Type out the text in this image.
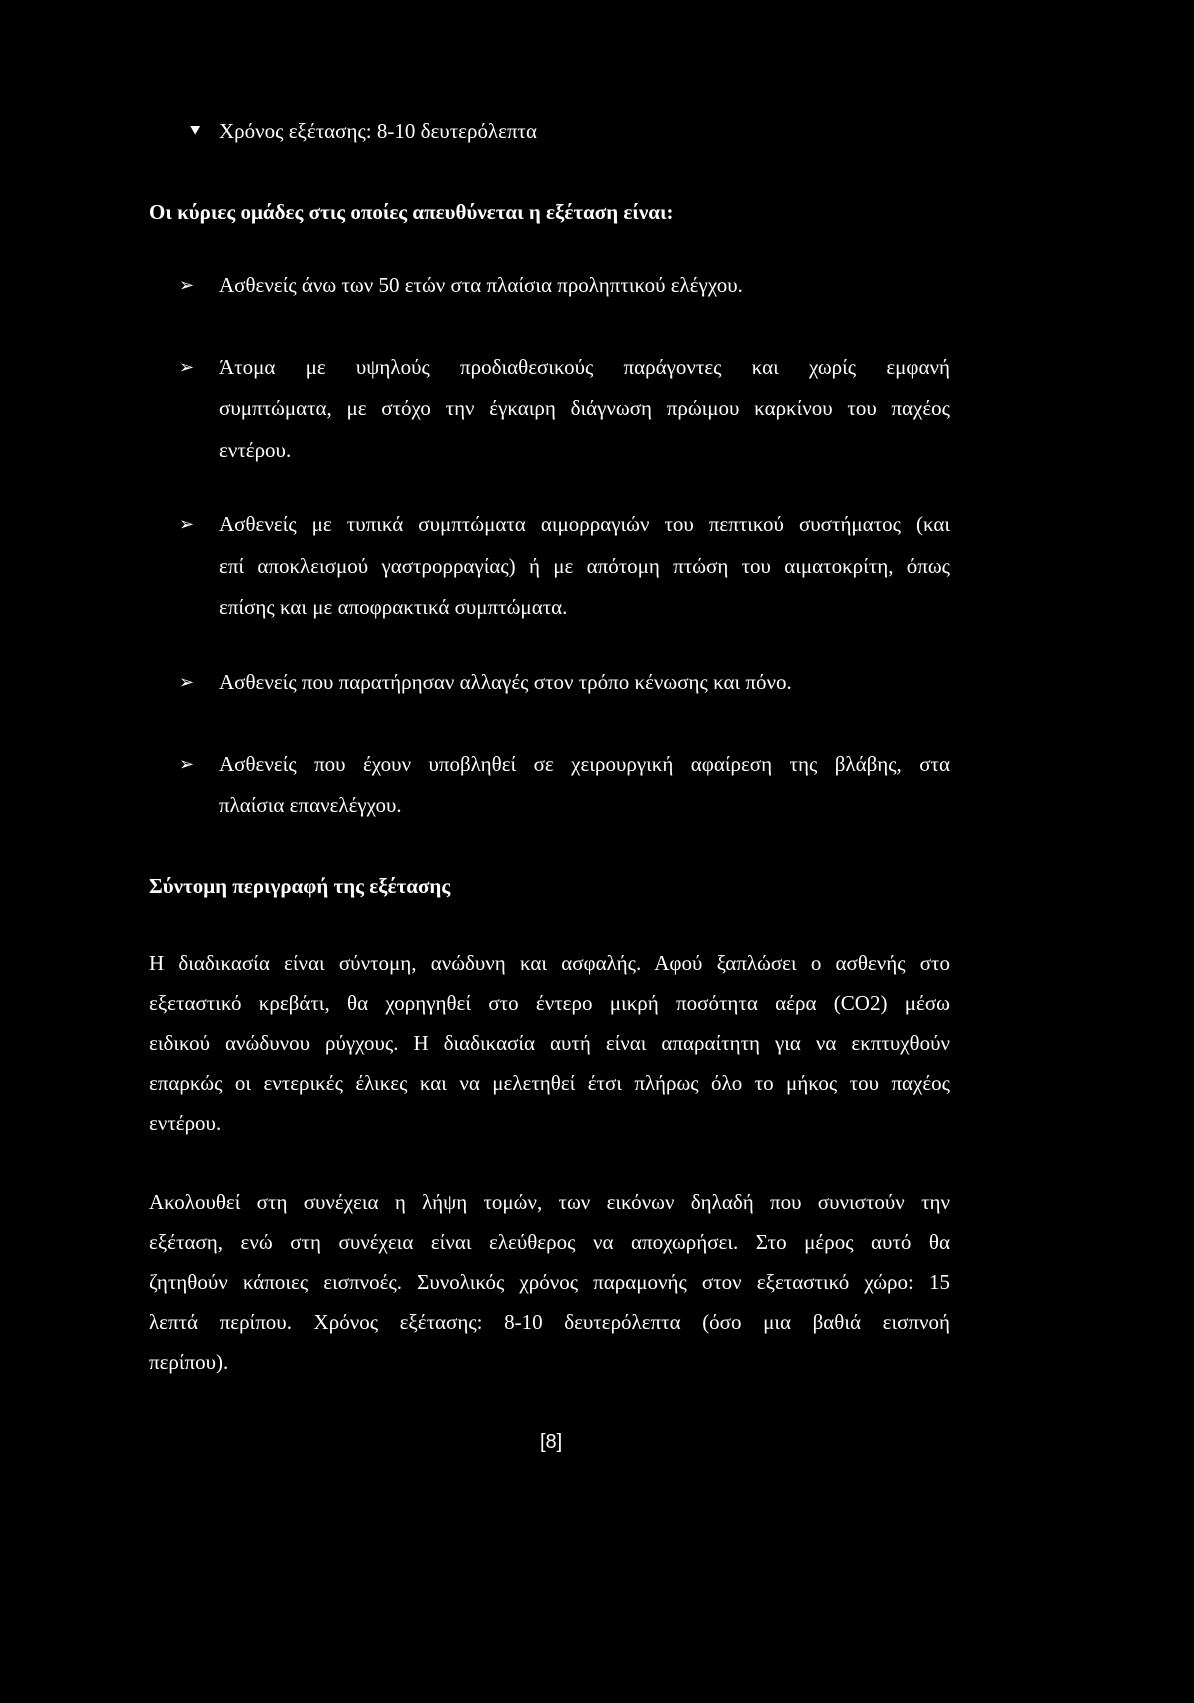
⯆ Χρόνος εξέτασης: 8-10 δευτερόλεπτα
Οι κύριες ομάδες στις οποίες απευθύνεται η εξέταση είναι:
➢ Ασθενείς άνω των 50 ετών στα πλαίσια προληπτικού ελέγχου.
➢ Άτομα με υψηλούς προδιαθεσικούς παράγοντες και χωρίς εμφανή
συμπτώματα, με στόχο την έγκαιρη διάγνωση πρώιμου καρκίνου του παχέος
εντέρου.
➢ Ασθενείς με τυπικά συμπτώματα αιμορραγιών του πεπτικού συστήματος (και
επί αποκλεισμού γαστρορραγίας) ή με απότομη πτώση του αιματοκρίτη, όπως
επίσης και με αποφρακτικά συμπτώματα.
➢ Ασθενείς που παρατήρησαν αλλαγές στον τρόπο κένωσης και πόνο.
➢ Ασθενείς που έχουν υποβληθεί σε χειρουργική αφαίρεση της βλάβης, στα
πλαίσια επανελέγχου.
Σύντομη περιγραφή της εξέτασης
Η διαδικασία είναι σύντομη, ανώδυνη και ασφαλής. Αφού ξαπλώσει ο ασθενής στο
εξεταστικό κρεβάτι, θα χορηγηθεί στο έντερο μικρή ποσότητα αέρα (CO2) μέσω
ειδικού ανώδυνου ρύγχους. Η διαδικασία αυτή είναι απαραίτητη για να εκπτυχθούν
επαρκώς οι εντερικές έλικες και να μελετηθεί έτσι πλήρως όλο το μήκος του παχέος
εντέρου.
Ακολουθεί στη συνέχεια η λήψη τομών, των εικόνων δηλαδή που συνιστούν την
εξέταση, ενώ στη συνέχεια είναι ελεύθερος να αποχωρήσει. Στο μέρος αυτό θα
ζητηθούν κάποιες εισπνοές. Συνολικός χρόνος παραμονής στον εξεταστικό χώρο: 15
λεπτά περίπου. Χρόνος εξέτασης: 8-10 δευτερόλεπτα (όσο μια βαθιά εισπνοή
περίπου).
[8]
